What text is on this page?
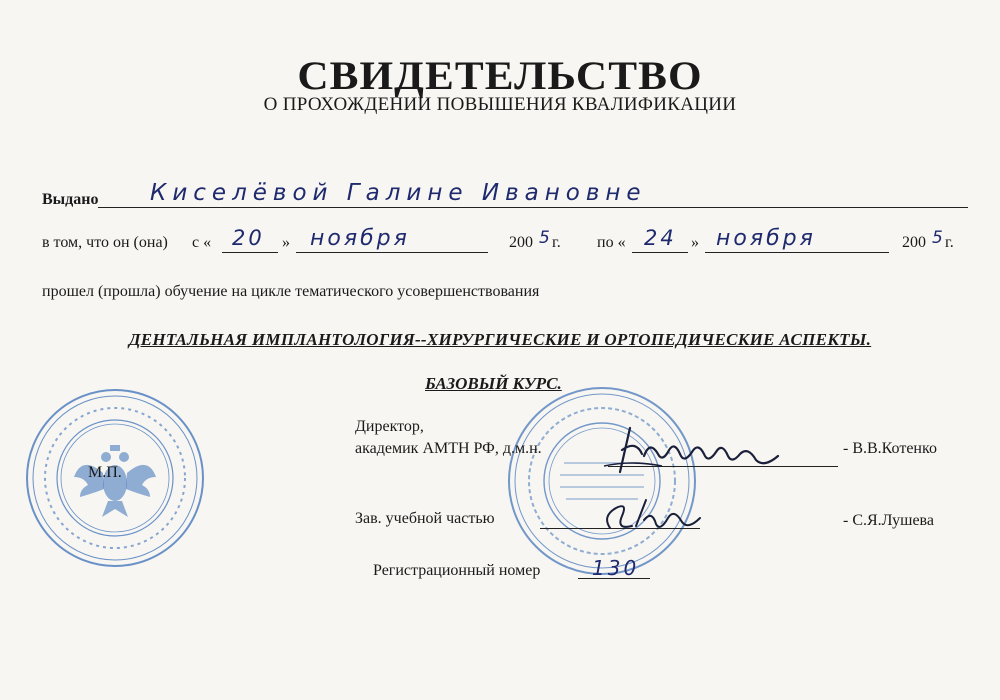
СВИДЕТЕЛЬСТВО
О ПРОХОЖДЕНИИ ПОВЫШЕНИЯ КВАЛИФИКАЦИИ
Выдано Киселёвой Галине Ивановне
в том, что он (она) с « 20 » ноября	200 5 г. по « 24 » ноября	200 5 г.
прошел (прошла) обучение на цикле тематического усовершенствования
ДЕНТАЛЬНАЯ ИМПЛАНТОЛОГИЯ--ХИРУРГИЧЕСКИЕ И ОРТОПЕДИЧЕСКИЕ АСПЕКТЫ.
БАЗОВЫЙ КУРС.
М.П.
Директор,
академик АМТН РФ, д.м.н.	- В.В.Котенко
Зав. учебной частью	- С.Я.Лушева
Регистрационный номер	130
